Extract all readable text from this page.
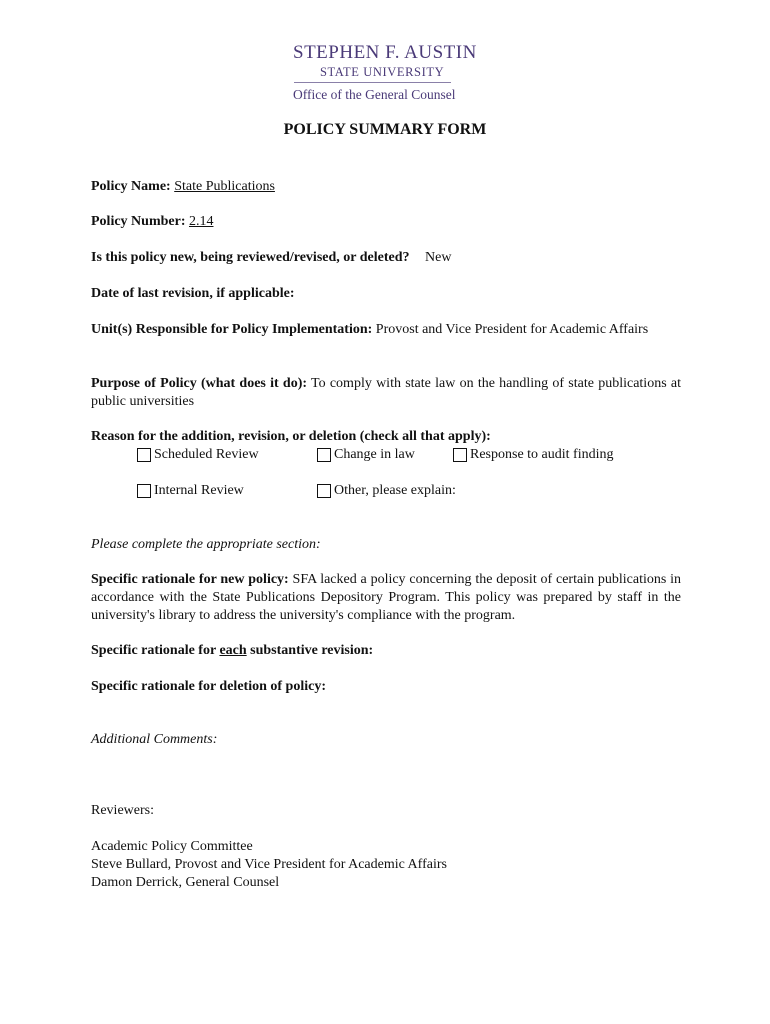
STEPHEN F. AUSTIN
STATE UNIVERSITY
Office of the General Counsel
POLICY SUMMARY FORM
Policy Name: State Publications
Policy Number: 2.14
Is this policy new, being reviewed/revised, or deleted? New
Date of last revision, if applicable:
Unit(s) Responsible for Policy Implementation: Provost and Vice President for Academic Affairs
Purpose of Policy (what does it do): To comply with state law on the handling of state publications at public universities
Reason for the addition, revision, or deletion (check all that apply):
Scheduled Review	Change in law	Response to audit finding
Internal Review	Other, please explain:
Please complete the appropriate section:
Specific rationale for new policy: SFA lacked a policy concerning the deposit of certain publications in accordance with the State Publications Depository Program. This policy was prepared by staff in the university's library to address the university's compliance with the program.
Specific rationale for each substantive revision:
Specific rationale for deletion of policy:
Additional Comments:
Reviewers:
Academic Policy Committee
Steve Bullard, Provost and Vice President for Academic Affairs
Damon Derrick, General Counsel
